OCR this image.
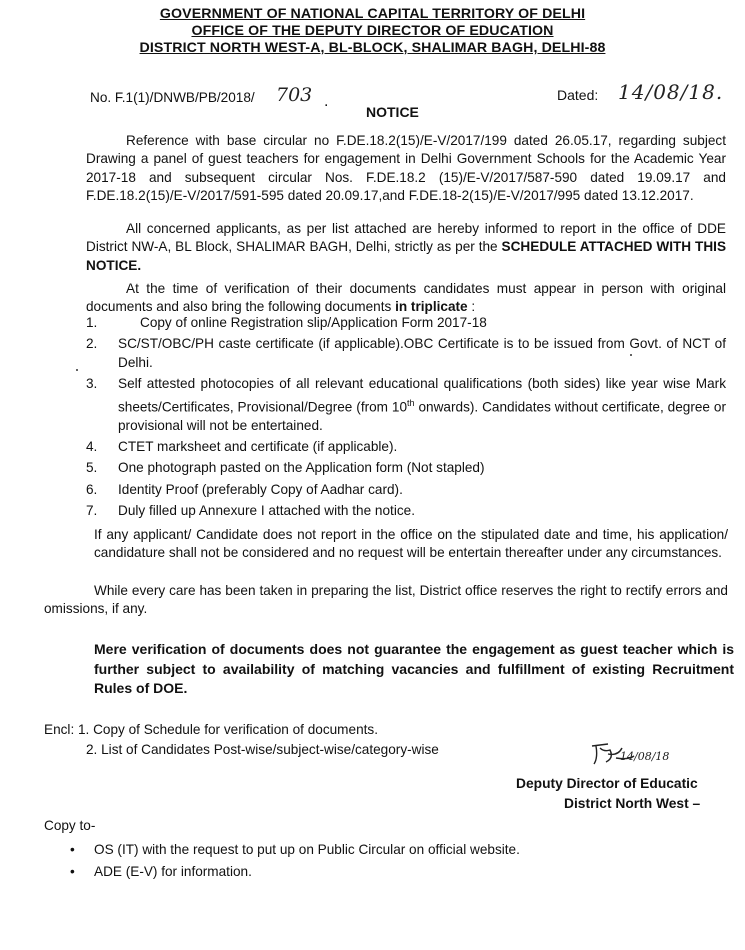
GOVERNMENT OF NATIONAL CAPITAL TERRITORY OF DELHI
OFFICE OF THE DEPUTY DIRECTOR OF EDUCATION
DISTRICT NORTH WEST-A, BL-BLOCK, SHALIMAR BAGH, DELHI-88
No. F.1(1)/DNWB/PB/2018/ 703 .	Dated: 14/08/18.
NOTICE
Reference with base circular no F.DE.18.2(15)/E-V/2017/199 dated 26.05.17, regarding subject Drawing a panel of guest teachers for engagement in Delhi Government Schools for the Academic Year 2017-18 and subsequent circular Nos. F.DE.18.2 (15)/E-V/2017/587-590 dated 19.09.17 and F.DE.18.2(15)/E-V/2017/591-595 dated 20.09.17,and F.DE.18-2(15)/E-V/2017/995 dated 13.12.2017.
All concerned applicants, as per list attached are hereby informed to report in the office of DDE District NW-A, BL Block, SHALIMAR BAGH, Delhi, strictly as per the SCHEDULE ATTACHED WITH THIS NOTICE.
At the time of verification of their documents candidates must appear in person with original documents and also bring the following documents in triplicate :
1.	Copy of online Registration slip/Application Form 2017-18
2. SC/ST/OBC/PH caste certificate (if applicable).OBC Certificate is to be issued from Govt. of NCT of Delhi.
3. Self attested photocopies of all relevant educational qualifications (both sides) like year wise Mark sheets/Certificates, Provisional/Degree (from 10th onwards). Candidates without certificate, degree or provisional will not be entertained.
4. CTET marksheet and certificate (if applicable).
5. One photograph pasted on the Application form (Not stapled)
6. Identity Proof (preferably Copy of Aadhar card).
7. Duly filled up Annexure I attached with the notice.
If any applicant/ Candidate does not report in the office on the stipulated date and time, his application/ candidature shall not be considered and no request will be entertain thereafter under any circumstances.
While every care has been taken in preparing the list, District office reserves the right to rectify errors and omissions, if any.
Mere verification of documents does not guarantee the engagement as guest teacher which is further subject to availability of matching vacancies and fulfillment of existing Recruitment Rules of DOE.
Encl: 1. Copy of Schedule for verification of documents.
2. List of Candidates Post-wise/subject-wise/category-wise	14/08/18
Deputy Director of Educatic
District North West –
Copy to-
• OS (IT) with the request to put up on Public Circular on official website.
• ADE (E-V) for information.
